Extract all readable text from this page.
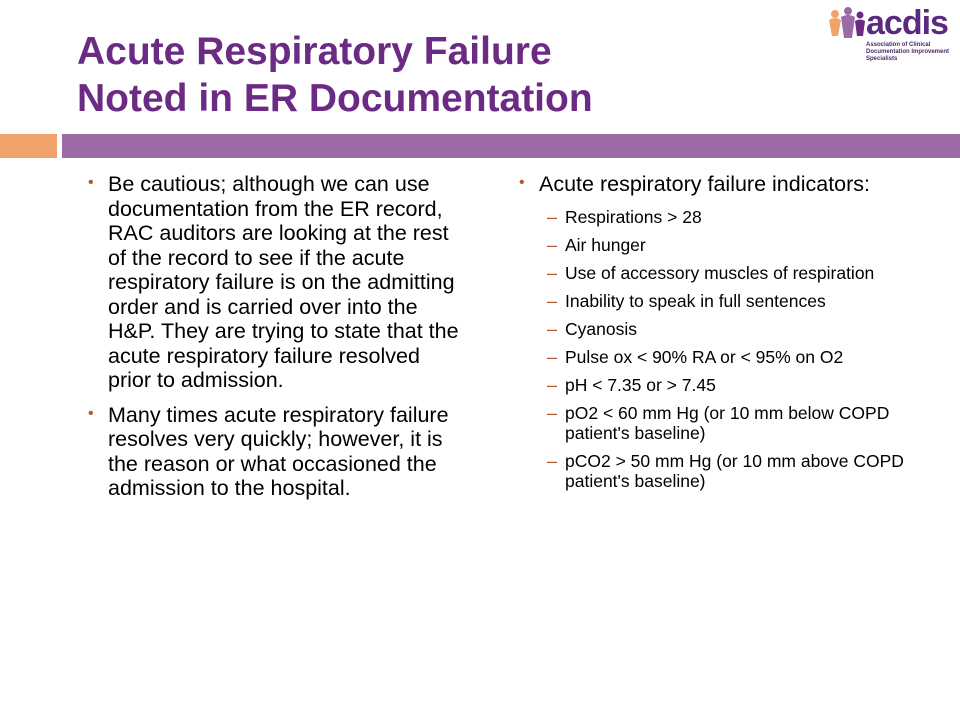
Acute Respiratory Failure
Noted in ER Documentation
acdis
Association of Clinical Documentation Improvement Specialists
• Be cautious; although we can use documentation from the ER record, RAC auditors are looking at the rest of the record to see if the acute respiratory failure is on the admitting order and is carried over into the H&P. They are trying to state that the acute respiratory failure resolved prior to admission.
• Many times acute respiratory failure resolves very quickly; however, it is the reason or what occasioned the admission to the hospital.
• Acute respiratory failure indicators:
– Respirations > 28
– Air hunger
– Use of accessory muscles of respiration
– Inability to speak in full sentences
– Cyanosis
– Pulse ox < 90% RA or < 95% on O2
– pH < 7.35 or > 7.45
– pO2 < 60 mm Hg (or 10 mm below COPD patient's baseline)
– pCO2 > 50 mm Hg (or 10 mm above COPD patient's baseline)
